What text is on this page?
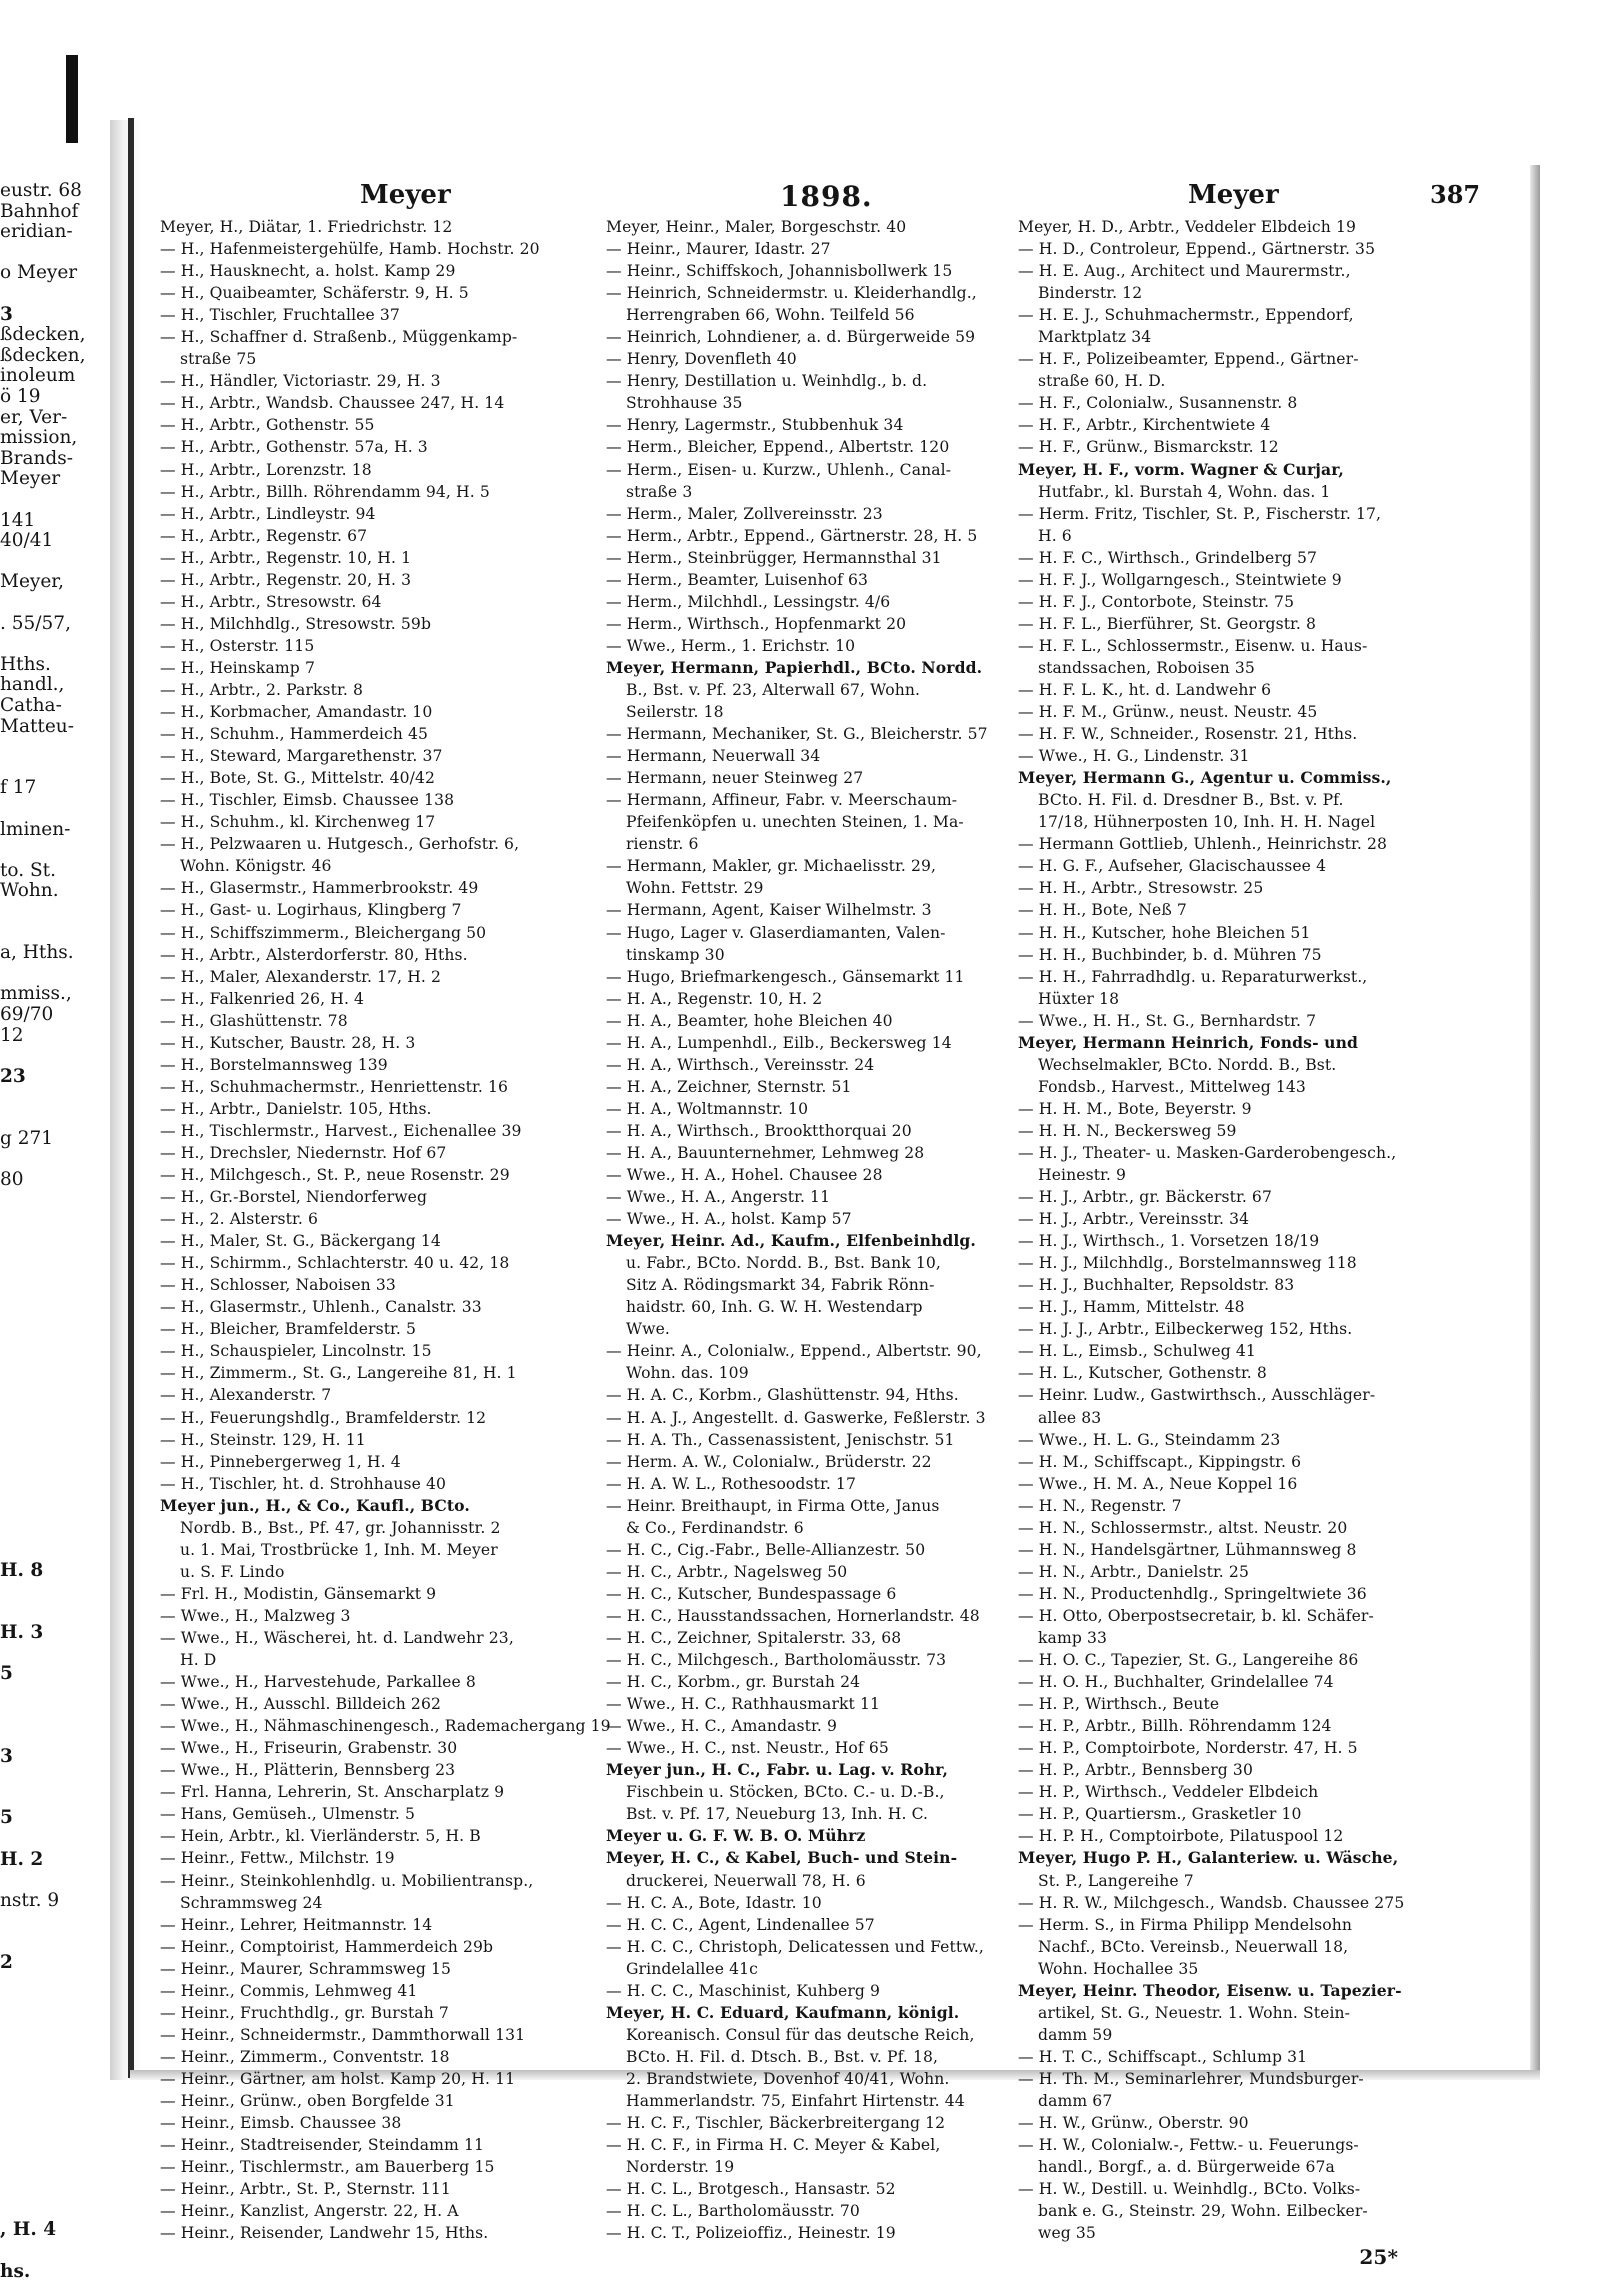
eustr. 68
Bahnhof
eridian-
o Meyer
3
ßdecken,
ßdecken,
inoleum
ö 19
er, Ver-
mission,
Brands-
Meyer
141
40/41
Meyer,
. 55/57,
Hths.
handl.,
Catha-
Matteu-
f 17
lminen-
to. St.
Wohn.
a, Hths.
mmiss.,
69/70
12
23
g 271
80
H. 8
H. 3
5
3
5
H. 2
nstr. 9
2
, H. 4
hs.
Meyer	1898.	Meyer	387
Meyer, H., Diätar, 1. Friedrichstr. 12
— H., Hafenmeistergehülfe, Hamb. Hochstr. 20
— H., Hausknecht, a. holst. Kamp 29
— H., Quaibeamter, Schäferstr. 9, H. 5
— H., Tischler, Fruchtallee 37
— H., Schaffner d. Straßenb., Müggenkamp-
straße 75
— H., Händler, Victoriastr. 29, H. 3
— H., Arbtr., Wandsb. Chaussee 247, H. 14
— H., Arbtr., Gothenstr. 55
— H., Arbtr., Gothenstr. 57a, H. 3
— H., Arbtr., Lorenzstr. 18
— H., Arbtr., Billh. Röhrendamm 94, H. 5
— H., Arbtr., Lindleystr. 94
— H., Arbtr., Regenstr. 67
— H., Arbtr., Regenstr. 10, H. 1
— H., Arbtr., Regenstr. 20, H. 3
— H., Arbtr., Stresowstr. 64
— H., Milchhdlg., Stresowstr. 59b
— H., Osterstr. 115
— H., Heinskamp 7
— H., Arbtr., 2. Parkstr. 8
— H., Korbmacher, Amandastr. 10
— H., Schuhm., Hammerdeich 45
— H., Steward, Margarethenstr. 37
— H., Bote, St. G., Mittelstr. 40/42
— H., Tischler, Eimsb. Chaussee 138
— H., Schuhm., kl. Kirchenweg 17
— H., Pelzwaaren u. Hutgesch., Gerhofstr. 6,
Wohn. Königstr. 46
— H., Glasermstr., Hammerbrookstr. 49
— H., Gast- u. Logirhaus, Klingberg 7
— H., Schiffszimmerm., Bleichergang 50
— H., Arbtr., Alsterdorferstr. 80, Hths.
— H., Maler, Alexanderstr. 17, H. 2
— H., Falkenried 26, H. 4
— H., Glashüttenstr. 78
— H., Kutscher, Baustr. 28, H. 3
— H., Borstelmannsweg 139
— H., Schuhmachermstr., Henriettenstr. 16
— H., Arbtr., Danielstr. 105, Hths.
— H., Tischlermstr., Harvest., Eichenallee 39
— H., Drechsler, Niedernstr. Hof 67
— H., Milchgesch., St. P., neue Rosenstr. 29
— H., Gr.-Borstel, Niendorferweg
— H., 2. Alsterstr. 6
— H., Maler, St. G., Bäckergang 14
— H., Schirmm., Schlachterstr. 40 u. 42, 18
— H., Schlosser, Naboisen 33
— H., Glasermstr., Uhlenh., Canalstr. 33
— H., Bleicher, Bramfelderstr. 5
— H., Schauspieler, Lincolnstr. 15
— H., Zimmerm., St. G., Langereihe 81, H. 1
— H., Alexanderstr. 7
— H., Feuerungshdlg., Bramfelderstr. 12
— H., Steinstr. 129, H. 11
— H., Pinnebergerweg 1, H. 4
— H., Tischler, ht. d. Strohhause 40
Meyer jun., H., & Co., Kaufl., BCto.
Nordb. B., Bst., Pf. 47, gr. Johannisstr. 2
u. 1. Mai, Trostbrücke 1, Inh. M. Meyer
u. S. F. Lindo
— Frl. H., Modistin, Gänsemarkt 9
— Wwe., H., Malzweg 3
— Wwe., H., Wäscherei, ht. d. Landwehr 23,
H. D
— Wwe., H., Harvestehude, Parkallee 8
— Wwe., H., Ausschl. Billdeich 262
— Wwe., H., Nähmaschinengesch., Rademachergang 19
— Wwe., H., Friseurin, Grabenstr. 30
— Wwe., H., Plätterin, Bennsberg 23
— Frl. Hanna, Lehrerin, St. Anscharplatz 9
— Hans, Gemüseh., Ulmenstr. 5
— Hein, Arbtr., kl. Vierländerstr. 5, H. B
— Heinr., Fettw., Milchstr. 19
— Heinr., Steinkohlenhdlg. u. Mobilientransp.,
Schrammsweg 24
— Heinr., Lehrer, Heitmannstr. 14
— Heinr., Comptoirist, Hammerdeich 29b
— Heinr., Maurer, Schrammsweg 15
— Heinr., Commis, Lehmweg 41
— Heinr., Fruchthdlg., gr. Burstah 7
— Heinr., Schneidermstr., Dammthorwall 131
— Heinr., Zimmerm., Conventstr. 18
— Heinr., Gärtner, am holst. Kamp 20, H. 11
— Heinr., Grünw., oben Borgfelde 31
— Heinr., Eimsb. Chaussee 38
— Heinr., Stadtreisender, Steindamm 11
— Heinr., Tischlermstr., am Bauerberg 15
— Heinr., Arbtr., St. P., Sternstr. 111
— Heinr., Kanzlist, Angerstr. 22, H. A
— Heinr., Reisender, Landwehr 15, Hths.
Meyer, Heinr., Maler, Borgeschstr. 40
— Heinr., Maurer, Idastr. 27
— Heinr., Schiffskoch, Johannisbollwerk 15
— Heinrich, Schneidermstr. u. Kleiderhandlg.,
Herrengraben 66, Wohn. Teilfeld 56
— Heinrich, Lohndiener, a. d. Bürgerweide 59
— Henry, Dovenfleth 40
— Henry, Destillation u. Weinhdlg., b. d.
Strohhause 35
— Henry, Lagermstr., Stubbenhuk 34
— Herm., Bleicher, Eppend., Albertstr. 120
— Herm., Eisen- u. Kurzw., Uhlenh., Canal-
straße 3
— Herm., Maler, Zollvereinsstr. 23
— Herm., Arbtr., Eppend., Gärtnerstr. 28, H. 5
— Herm., Steinbrügger, Hermannsthal 31
— Herm., Beamter, Luisenhof 63
— Herm., Milchhdl., Lessingstr. 4/6
— Herm., Wirthsch., Hopfenmarkt 20
— Wwe., Herm., 1. Erichstr. 10
Meyer, Hermann, Papierhdl., BCto. Nordd.
B., Bst. v. Pf. 23, Alterwall 67, Wohn.
Seilerstr. 18
— Hermann, Mechaniker, St. G., Bleicherstr. 57
— Hermann, Neuerwall 34
— Hermann, neuer Steinweg 27
— Hermann, Affineur, Fabr. v. Meerschaum-
Pfeifenköpfen u. unechten Steinen, 1. Ma-
rienstr. 6
— Hermann, Makler, gr. Michaelisstr. 29,
Wohn. Fettstr. 29
— Hermann, Agent, Kaiser Wilhelmstr. 3
— Hugo, Lager v. Glaserdiamanten, Valen-
tinskamp 30
— Hugo, Briefmarkengesch., Gänsemarkt 11
— H. A., Regenstr. 10, H. 2
— H. A., Beamter, hohe Bleichen 40
— H. A., Lumpenhdl., Eilb., Beckersweg 14
— H. A., Wirthsch., Vereinsstr. 24
— H. A., Zeichner, Sternstr. 51
— H. A., Woltmannstr. 10
— H. A., Wirthsch., Brooktthorquai 20
— H. A., Bauunternehmer, Lehmweg 28
— Wwe., H. A., Hohel. Chausee 28
— Wwe., H. A., Angerstr. 11
— Wwe., H. A., holst. Kamp 57
Meyer, Heinr. Ad., Kaufm., Elfenbeinhdlg.
u. Fabr., BCto. Nordd. B., Bst. Bank 10,
Sitz A. Rödingsmarkt 34, Fabrik Rönn-
haidstr. 60, Inh. G. W. H. Westendarp
Wwe.
— Heinr. A., Colonialw., Eppend., Albertstr. 90,
Wohn. das. 109
— H. A. C., Korbm., Glashüttenstr. 94, Hths.
— H. A. J., Angestellt. d. Gaswerke, Feßlerstr. 3
— H. A. Th., Cassenassistent, Jenischstr. 51
— Herm. A. W., Colonialw., Brüderstr. 22
— H. A. W. L., Rothesoodstr. 17
— Heinr. Breithaupt, in Firma Otte, Janus
& Co., Ferdinandstr. 6
— H. C., Cig.-Fabr., Belle-Allianzestr. 50
— H. C., Arbtr., Nagelsweg 50
— H. C., Kutscher, Bundespassage 6
— H. C., Hausstandssachen, Hornerlandstr. 48
— H. C., Zeichner, Spitalerstr. 33, 68
— H. C., Milchgesch., Bartholomäusstr. 73
— H. C., Korbm., gr. Burstah 24
— Wwe., H. C., Rathhausmarkt 11
— Wwe., H. C., Amandastr. 9
— Wwe., H. C., nst. Neustr., Hof 65
Meyer jun., H. C., Fabr. u. Lag. v. Rohr,
Fischbein u. Stöcken, BCto. C.- u. D.-B.,
Bst. v. Pf. 17, Neueburg 13, Inh. H. C.
Meyer u. G. F. W. B. O. Mührz
Meyer, H. C., & Kabel, Buch- und Stein-
druckerei, Neuerwall 78, H. 6
— H. C. A., Bote, Idastr. 10
— H. C. C., Agent, Lindenallee 57
— H. C. C., Christoph, Delicatessen und Fettw.,
Grindelallee 41c
— H. C. C., Maschinist, Kuhberg 9
Meyer, H. C. Eduard, Kaufmann, königl.
Koreanisch. Consul für das deutsche Reich,
BCto. H. Fil. d. Dtsch. B., Bst. v. Pf. 18,
2. Brandstwiete, Dovenhof 40/41, Wohn.
Hammerlandstr. 75, Einfahrt Hirtenstr. 44
— H. C. F., Tischler, Bäckerbreitergang 12
— H. C. F., in Firma H. C. Meyer & Kabel,
Norderstr. 19
— H. C. L., Brotgesch., Hansastr. 52
— H. C. L., Bartholomäusstr. 70
— H. C. T., Polizeioffiz., Heinestr. 19
Meyer, H. D., Arbtr., Veddeler Elbdeich 19
— H. D., Controleur, Eppend., Gärtnerstr. 35
— H. E. Aug., Architect und Maurermstr.,
Binderstr. 12
— H. E. J., Schuhmachermstr., Eppendorf,
Marktplatz 34
— H. F., Polizeibeamter, Eppend., Gärtner-
straße 60, H. D.
— H. F., Colonialw., Susannenstr. 8
— H. F., Arbtr., Kirchentwiete 4
— H. F., Grünw., Bismarckstr. 12
Meyer, H. F., vorm. Wagner & Curjar,
Hutfabr., kl. Burstah 4, Wohn. das. 1
— Herm. Fritz, Tischler, St. P., Fischerstr. 17,
H. 6
— H. F. C., Wirthsch., Grindelberg 57
— H. F. J., Wollgarngesch., Steintwiete 9
— H. F. J., Contorbote, Steinstr. 75
— H. F. L., Bierführer, St. Georgstr. 8
— H. F. L., Schlossermstr., Eisenw. u. Haus-
standssachen, Roboisen 35
— H. F. L. K., ht. d. Landwehr 6
— H. F. M., Grünw., neust. Neustr. 45
— H. F. W., Schneider., Rosenstr. 21, Hths.
— Wwe., H. G., Lindenstr. 31
Meyer, Hermann G., Agentur u. Commiss.,
BCto. H. Fil. d. Dresdner B., Bst. v. Pf.
17/18, Hühnerposten 10, Inh. H. H. Nagel
— Hermann Gottlieb, Uhlenh., Heinrichstr. 28
— H. G. F., Aufseher, Glacischaussee 4
— H. H., Arbtr., Stresowstr. 25
— H. H., Bote, Neß 7
— H. H., Kutscher, hohe Bleichen 51
— H. H., Buchbinder, b. d. Mühren 75
— H. H., Fahrradhdlg. u. Reparaturwerkst.,
Hüxter 18
— Wwe., H. H., St. G., Bernhardstr. 7
Meyer, Hermann Heinrich, Fonds- und
Wechselmakler, BCto. Nordd. B., Bst.
Fondsb., Harvest., Mittelweg 143
— H. H. M., Bote, Beyerstr. 9
— H. H. N., Beckersweg 59
— H. J., Theater- u. Masken-Garderobengesch.,
Heinestr. 9
— H. J., Arbtr., gr. Bäckerstr. 67
— H. J., Arbtr., Vereinsstr. 34
— H. J., Wirthsch., 1. Vorsetzen 18/19
— H. J., Milchhdlg., Borstelmannsweg 118
— H. J., Buchhalter, Repsoldstr. 83
— H. J., Hamm, Mittelstr. 48
— H. J. J., Arbtr., Eilbeckerweg 152, Hths.
— H. L., Eimsb., Schulweg 41
— H. L., Kutscher, Gothenstr. 8
— Heinr. Ludw., Gastwirthsch., Ausschläger-
allee 83
— Wwe., H. L. G., Steindamm 23
— H. M., Schiffscapt., Kippingstr. 6
— Wwe., H. M. A., Neue Koppel 16
— H. N., Regenstr. 7
— H. N., Schlossermstr., altst. Neustr. 20
— H. N., Handelsgärtner, Lühmannsweg 8
— H. N., Arbtr., Danielstr. 25
— H. N., Productenhdlg., Springeltwiete 36
— H. Otto, Oberpostsecretair, b. kl. Schäfer-
kamp 33
— H. O. C., Tapezier, St. G., Langereihe 86
— H. O. H., Buchhalter, Grindelallee 74
— H. P., Wirthsch., Beute
— H. P., Arbtr., Billh. Röhrendamm 124
— H. P., Comptoirbote, Norderstr. 47, H. 5
— H. P., Arbtr., Bennsberg 30
— H. P., Wirthsch., Veddeler Elbdeich
— H. P., Quartiersm., Grasketler 10
— H. P. H., Comptoirbote, Pilatuspool 12
Meyer, Hugo P. H., Galanteriew. u. Wäsche,
St. P., Langereihe 7
— H. R. W., Milchgesch., Wandsb. Chaussee 275
— Herm. S., in Firma Philipp Mendelsohn
Nachf., BCto. Vereinsb., Neuerwall 18,
Wohn. Hochallee 35
Meyer, Heinr. Theodor, Eisenw. u. Tapezier-
artikel, St. G., Neuestr. 1. Wohn. Stein-
damm 59
— H. T. C., Schiffscapt., Schlump 31
— H. Th. M., Seminarlehrer, Mundsburger-
damm 67
— H. W., Grünw., Oberstr. 90
— H. W., Colonialw.-, Fettw.- u. Feuerungs-
handl., Borgf., a. d. Bürgerweide 67a
— H. W., Destill. u. Weinhdlg., BCto. Volks-
bank e. G., Steinstr. 29, Wohn. Eilbecker-
weg 35
25*
